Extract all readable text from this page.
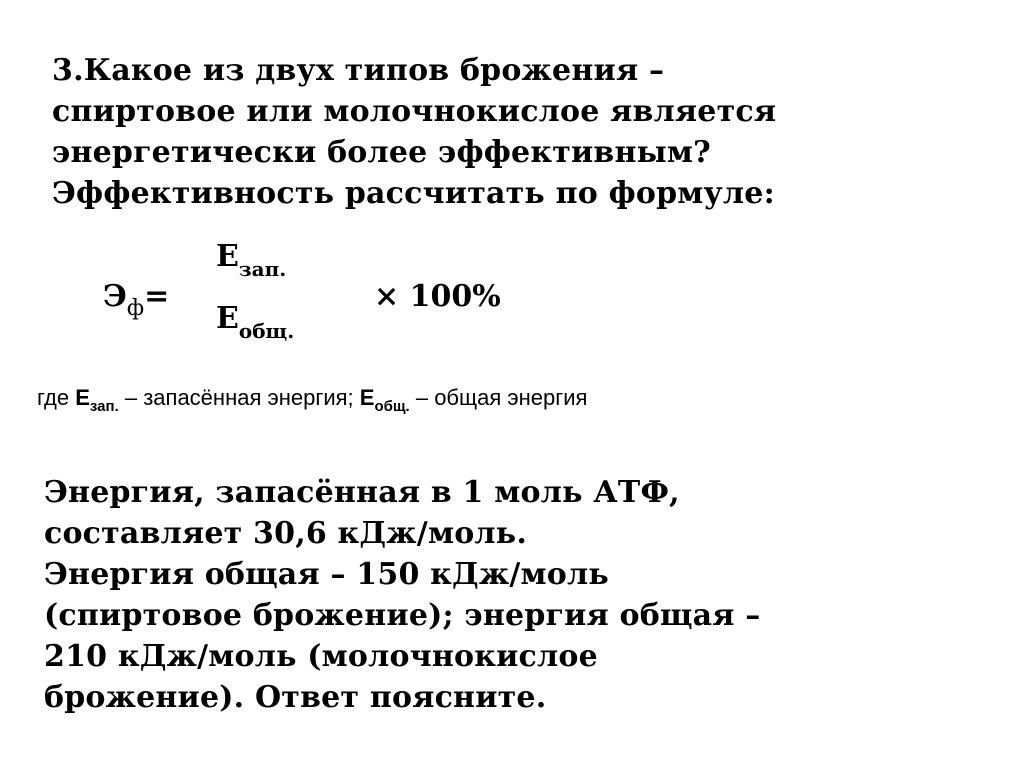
3.Какое из двух типов брожения –
спиртовое или молочнокислое является
энергетически более эффективным?
Эффективность рассчитать по формуле:
$Э_ф=$
$E_{зап.}$
$E_{общ.}$
× 100%
где $E_{зап.}$ – запасённая энергия; $E_{общ.}$ – общая энергия
Энергия, запасённая в 1 моль АТФ,
составляет 30,6 кДж/моль.
Энергия общая – 150 кДж/моль
(спиртовое брожение); энергия общая –
210 кДж/моль (молочнокислое
брожение). Ответ поясните.
